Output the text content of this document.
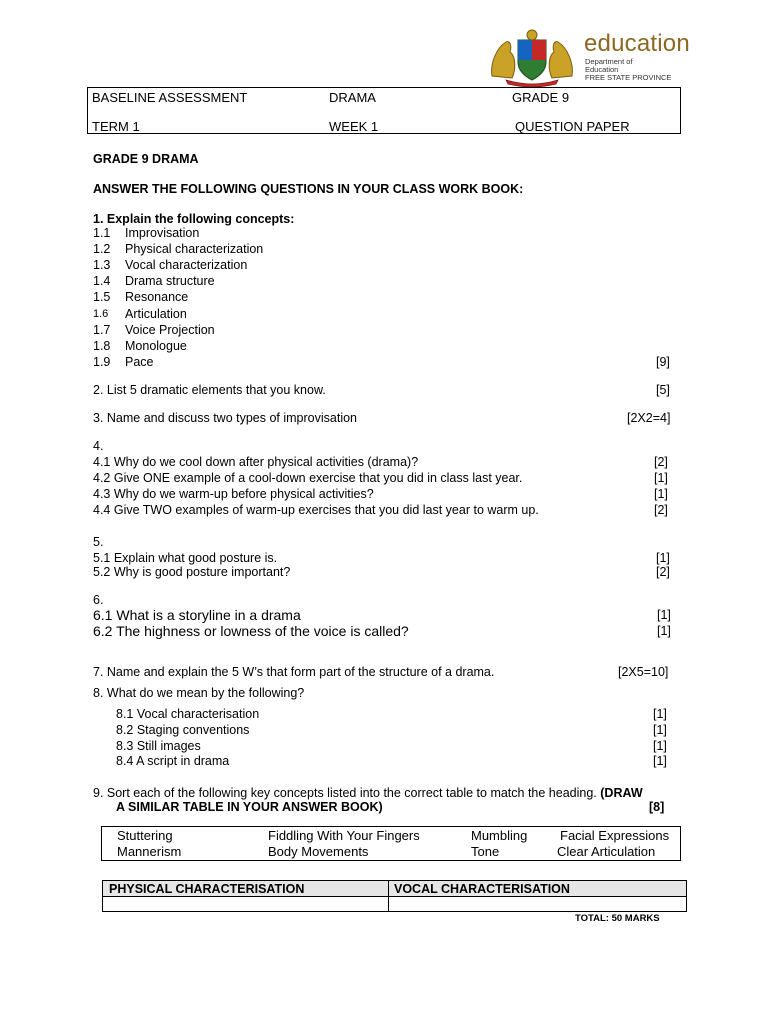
education
Department of
Education
FREE STATE PROVINCE
BASELINE ASSESSMENT	DRAMA	GRADE 9
TERM 1	WEEK 1	QUESTION PAPER
GRADE 9 DRAMA
ANSWER THE FOLLOWING QUESTIONS IN YOUR CLASS WORK BOOK:
1. Explain the following concepts:
1.1 Improvisation
1.2 Physical characterization
1.3 Vocal characterization
1.4 Drama structure
1.5 Resonance
1.6 Articulation
1.7 Voice Projection
1.8 Monologue
1.9 Pace	[9]
2. List 5 dramatic elements that you know.	[5]
3. Name and discuss two types of improvisation	[2X2=4]
4.
4.1 Why do we cool down after physical activities (drama)?	[2]
4.2 Give ONE example of a cool-down exercise that you did in class last year.	[1]
4.3 Why do we warm-up before physical activities?	[1]
4.4 Give TWO examples of warm-up exercises that you did last year to warm up.	[2]
5.
5.1 Explain what good posture is.	[1]
5.2 Why is good posture important?	[2]
6.
6.1 What is a storyline in a drama	[1]
6.2 The highness or lowness of the voice is called?	[1]
7. Name and explain the 5 W’s that form part of the structure of a drama.	[2X5=10]
8. What do we mean by the following?
8.1 Vocal characterisation	[1]
8.2 Staging conventions	[1]
8.3 Still images	[1]
8.4 A script in drama	[1]
9. Sort each of the following key concepts listed into the correct table to match the heading. (DRAW
A SIMILAR TABLE IN YOUR ANSWER BOOK)	[8]
Stuttering	Fiddling With Your Fingers	Mumbling	Facial Expressions
Mannerism	Body Movements	Tone	Clear Articulation
PHYSICAL CHARACTERISATION	VOCAL CHARACTERISATION
TOTAL: 50 MARKS
